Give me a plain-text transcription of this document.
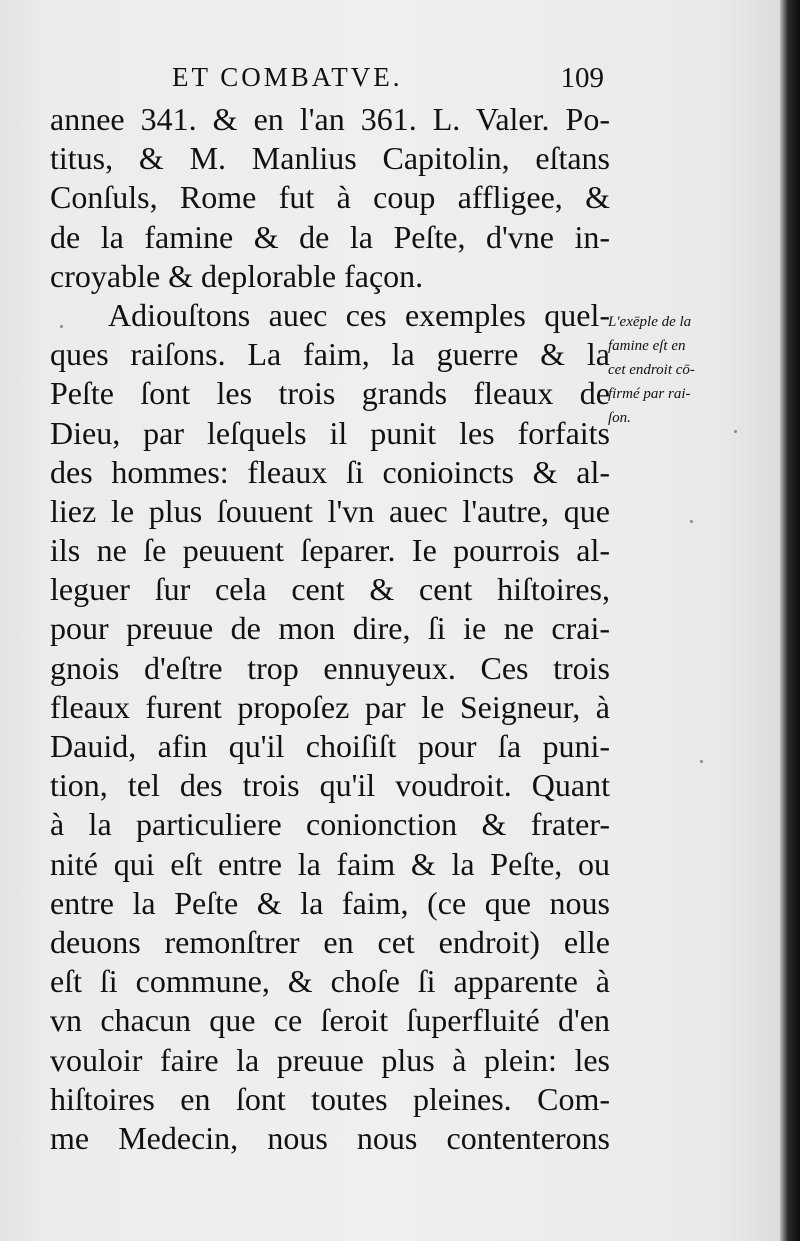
ET COMBATVE.	109
annee 341. & en l'an 361. L. Valer. Po-
titus, & M. Manlius Capitolin, eſtans
Conſuls, Rome fut à coup affligee, &
de la famine & de la Peſte, d'vne in-
croyable & deplorable façon.
Adiouſtons auec ces exemples quel-
ques raiſons. La faim, la guerre & la
Peſte ſont les trois grands fleaux de
Dieu, par leſquels il punit les forfaits
des hommes: fleaux ſi conioincts & al-
liez le plus ſouuent l'vn auec l'autre, que
ils ne ſe peuuent ſeparer. Ie pourrois al-
leguer ſur cela cent & cent hiſtoires,
pour preuue de mon dire, ſi ie ne crai-
gnois d'eſtre trop ennuyeux. Ces trois
fleaux furent propoſez par le Seigneur, à
Dauid, afin qu'il choiſiſt pour ſa puni-
tion, tel des trois qu'il voudroit. Quant
à la particuliere conionction & frater-
nité qui eſt entre la faim & la Peſte, ou
entre la Peſte & la faim, (ce que nous
deuons remonſtrer en cet endroit) elle
eſt ſi commune, & choſe ſi apparente à
vn chacun que ce ſeroit ſuperfluité d'en
vouloir faire la preuue plus à plein: les
hiſtoires en ſont toutes pleines. Com-
me Medecin, nous nous contenterons
L'exēple de la
famine eſt en
cet endroit cō-
firmé par rai-
ſon.
